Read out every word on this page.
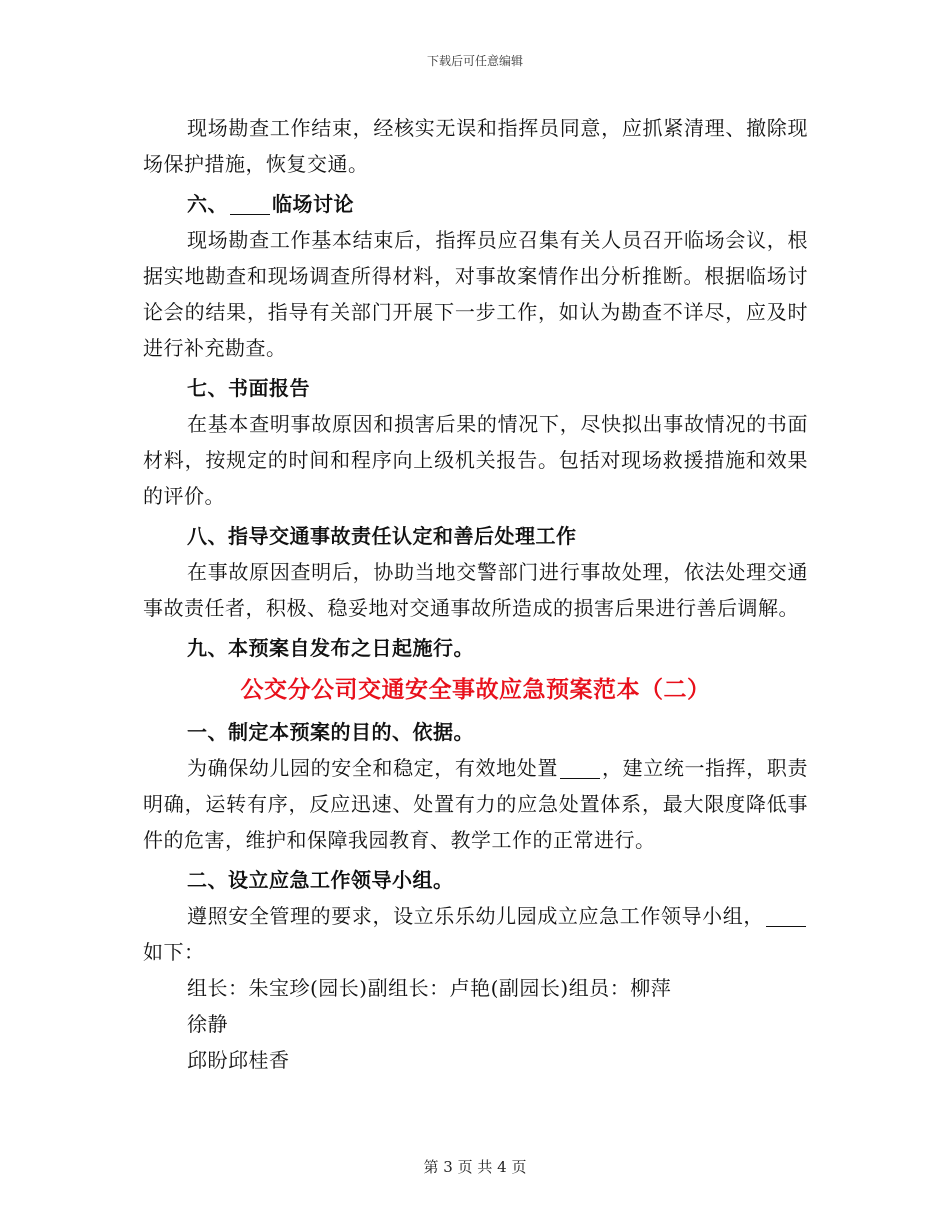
下载后可任意编辑

现场勘查工作结束，经核实无误和指挥员同意，应抓紧清理、撤除现场保护措施，恢复交通。

六、 临场讨论

现场勘查工作基本结束后，指挥员应召集有关人员召开临场会议，根据实地勘查和现场调查所得材料，对事故案情作出分析推断。根据临场讨论会的结果，指导有关部门开展下一步工作，如认为勘查不详尽，应及时进行补充勘查。

七、书面报告

在基本查明事故原因和损害后果的情况下，尽快拟出事故情况的书面材料，按规定的时间和程序向上级机关报告。包括对现场救援措施和效果的评价。

八、指导交通事故责任认定和善后处理工作

在事故原因查明后，协助当地交警部门进行事故处理，依法处理交通事故责任者，积极、稳妥地对交通事故所造成的损害后果进行善后调解。

九、本预案自发布之日起施行。

公交分公司交通安全事故应急预案范本（二）

一、制定本预案的目的、依据。

为确保幼儿园的安全和稳定，有效地处置 ，建立统一指挥，职责明确，运转有序，反应迅速、处置有力的应急处置体系，最大限度降低事件的危害，维护和保障我园教育、教学工作的正常进行。

二、设立应急工作领导小组。

遵照安全管理的要求，设立乐乐幼儿园成立应急工作领导小组，如下：

组长：朱宝珍(园长)副组长：卢艳(副园长)组员：柳萍

徐静

邱盼邱桂香

第 3 页 共 4 页
